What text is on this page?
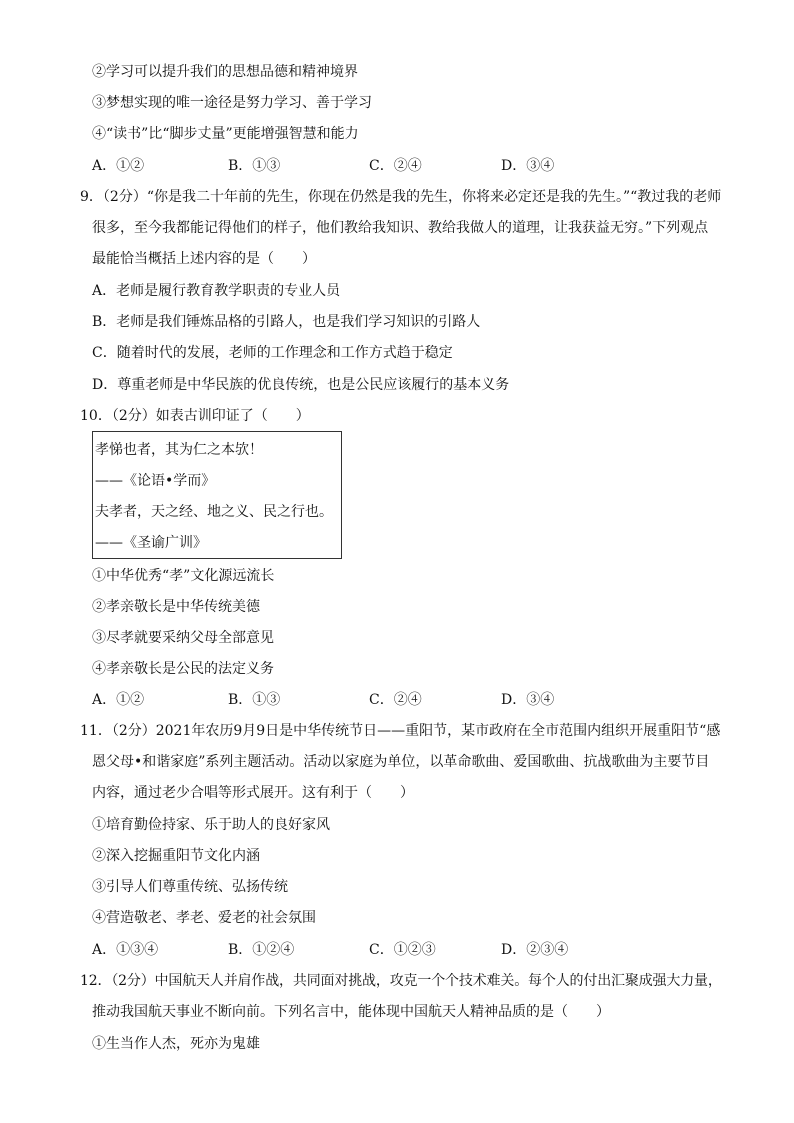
②学习可以提升我们的思想品德和精神境界
③梦想实现的唯一途径是努力学习、善于学习
④“读书”比“脚步丈量”更能增强智慧和能力
A．①②	B．①③	C．②④	D．③④
9．（2分）“你是我二十年前的先生，你现在仍然是我的先生，你将来必定还是我的先生。”“教过我的老师
很多，至今我都能记得他们的样子，他们教给我知识、教给我做人的道理，让我获益无穷。”下列观点
最能恰当概括上述内容的是（　　）
A．老师是履行教育教学职责的专业人员
B．老师是我们锤炼品格的引路人，也是我们学习知识的引路人
C．随着时代的发展，老师的工作理念和工作方式趋于稳定
D．尊重老师是中华民族的优良传统，也是公民应该履行的基本义务
10．（2分）如表古训印证了（　　）
孝悌也者，其为仁之本欤！
——《论语•学而》
夫孝者，天之经、地之义、民之行也。
——《圣谕广训》
①中华优秀“孝”文化源远流长
②孝亲敬长是中华传统美德
③尽孝就要采纳父母全部意见
④孝亲敬长是公民的法定义务
A．①②	B．①③	C．②④	D．③④
11．（2分）2021年农历9月9日是中华传统节日——重阳节，某市政府在全市范围内组织开展重阳节“感
恩父母•和谐家庭”系列主题活动。活动以家庭为单位，以革命歌曲、爱国歌曲、抗战歌曲为主要节目
内容，通过老少合唱等形式展开。这有利于（　　）
①培育勤俭持家、乐于助人的良好家风
②深入挖掘重阳节文化内涵
③引导人们尊重传统、弘扬传统
④营造敬老、孝老、爱老的社会氛围
A．①③④	B．①②④	C．①②③	D．②③④
12．（2分）中国航天人并肩作战，共同面对挑战，攻克一个个技术难关。每个人的付出汇聚成强大力量，
推动我国航天事业不断向前。下列名言中，能体现中国航天人精神品质的是（　　）
①生当作人杰，死亦为鬼雄
